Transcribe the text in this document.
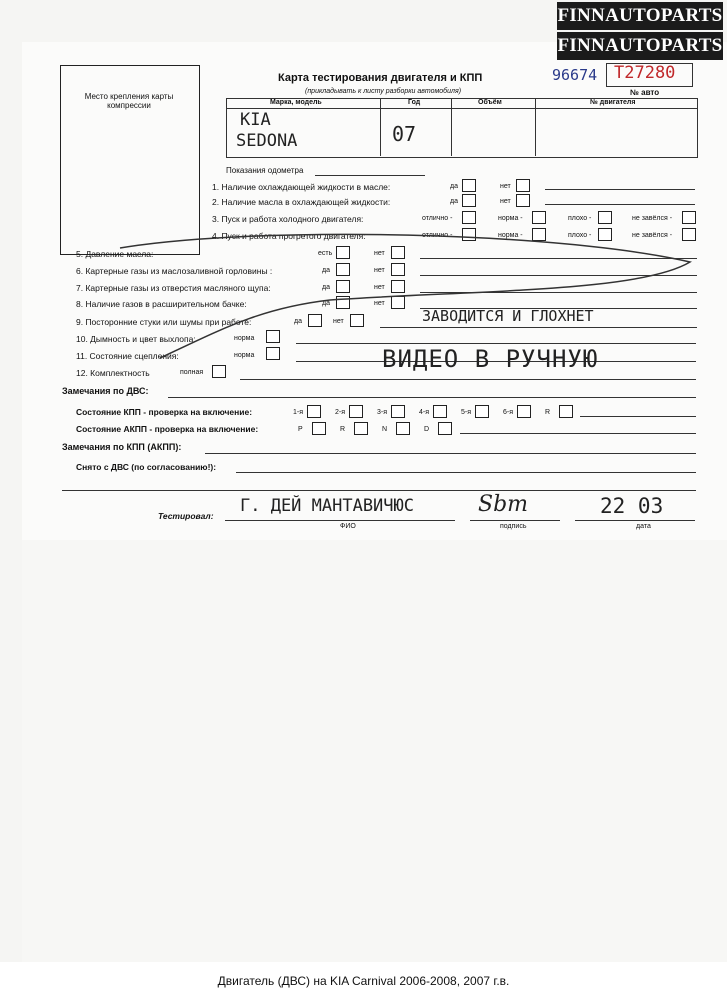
Место крепления карты компрессии
Карта тестирования двигателя и КПП	96674 T27280
(прикладывать к листу разборки автомобиля)	№ авто
Марка, модель	Год	Объём	№ двигателя
KIA
SEDONA	07
Показания одометра
1. Наличие охлаждающей жидкости в масле:	да	нет
2. Наличие масла в охлаждающей жидкости:	да	нет
3. Пуск и работа холодного двигателя:	отлично -	норма -	плохо -	не завёлся -
4. Пуск и работа прогретого двигателя:	отлично -	норма -	плохо -	не завёлся -
5. Давление масла:	есть	нет
6. Картерные газы из маслозаливной горловины :	да	нет
7. Картерные газы из отверстия масляного щупа:	да	нет
8. Наличие газов в расширительном бачке:	да	нет
9. Посторонние стуки или шумы при работе:	да	нет	ЗАВОДИТСЯ И ГЛОХНЕТ
10. Дымность и цвет выхлопа:	норма
11. Состояние сцепления:	норма	ВИДЕО В РУЧНУЮ
12. Комплектность	полная
Замечания по ДВС:
Состояние КПП - проверка на включение:	1-я	2-я	3-я	4-я	5-я	6-я	R
Состояние АКПП - проверка на включение:	P	R	N	D
Замечания по КПП (АКПП):
Снято с ДВС (по согласованию!):
Тестировал: Г. ДЕЙ МАНТАВИЧЮС	Sbm	22 03
ФИО	подпись	дата
FINNAUTOPARTS
FINNAUTOPARTS
Двигатель (ДВС) на KIA Carnival 2006-2008, 2007 г.в.
